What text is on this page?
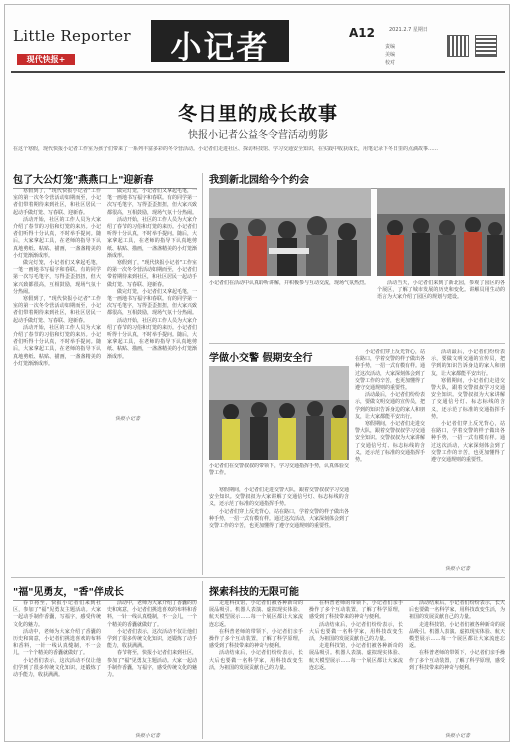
Little Reporter
现代快报+	小记者	A12	2021.2.7 星期日
责编
美编
校对
冬日里的成长故事
快报小记者公益冬令营活动剪影
在这个寒假，现代快报小记者工作室为孩子们带来了一系列丰富多彩的冬令营活动。小记者们走进社区、探访科技馆、学习交通安全知识，在实践中收获成长，用笔记录下冬日里的点滴故事……
包了大公灯笼"燕燕口上"迎新春

寒假到了，"现代快报小记者"工作室的第一次冬令营活动如期而至，小记者们带着期待来到社区，和社区居民一起动手做灯笼、写春联、迎新春。

活动开始，社区的工作人员为大家介绍了春节的习俗和灯笼的来历。小记者们听得十分认真，不时举手提问。随后，大家拿起工具，在老师的指导下认真地剪纸、粘贴、描画，一盏盏精美的小灯笼渐渐成形。

做完灯笼，小记者们又拿起毛笔，一笔一画地书写福字和春联。有的同学第一次写毛笔字，写得歪歪扭扭，但大家兴致都很高，互相鼓励，现场气氛十分热闹。

寒假到了，"现代快报小记者"工作室的第一次冬令营活动如期而至，小记者们带着期待来到社区，和社区居民一起动手做灯笼、写春联、迎新春。

活动开始，社区的工作人员为大家介绍了春节的习俗和灯笼的来历。小记者们听得十分认真，不时举手提问。随后，大家拿起工具，在老师的指导下认真地剪纸、粘贴、描画，一盏盏精美的小灯笼渐渐成形。

做完灯笼，小记者们又拿起毛笔，一笔一画地书写福字和春联。有的同学第一次写毛笔字，写得歪歪扭扭，但大家兴致都很高，互相鼓励，现场气氛十分热闹。

活动开始，社区的工作人员为大家介绍了春节的习俗和灯笼的来历。小记者们听得十分认真，不时举手提问。随后，大家拿起工具，在老师的指导下认真地剪纸、粘贴、描画，一盏盏精美的小灯笼渐渐成形。

寒假到了，"现代快报小记者"工作室的第一次冬令营活动如期而至，小记者们带着期待来到社区，和社区居民一起动手做灯笼、写春联、迎新春。

做完灯笼，小记者们又拿起毛笔，一笔一画地书写福字和春联。有的同学第一次写毛笔字，写得歪歪扭扭，但大家兴致都很高，互相鼓励，现场气氛十分热闹。

活动开始，社区的工作人员为大家介绍了春节的习俗和灯笼的来历。小记者们听得十分认真，不时举手提问。随后，大家拿起工具，在老师的指导下认真地剪纸、粘贴、描画，一盏盏精美的小灯笼渐渐成形。

快报小记者
我到新北园给今个约会
小记者们在活动中认真聆听讲解，并积极参与互动交流，现场气氛热烈。	活动当天，小记者们来到了新北园，参观了园区的各个展区，了解了城市发展的历史和变化。讲解员用生动的语言为大家介绍了园区的规划与建设。

学做小交警 假期安全行
小记者们在交警叔叔的带领下，学习交通指挥手势，认真体验交警工作。

寒假期间，小记者们走进交警大队，跟着交警叔叔学习交通安全知识。交警叔叔为大家讲解了交通信号灯、标志标线的含义，还示范了标准的交通指挥手势。

小记者们穿上反光背心，站在路口，学着交警的样子做出各种手势，一招一式有模有样。通过这次活动，大家深刻体会到了交警工作的辛苦，也更加懂得了遵守交通规则的重要性。

小记者们穿上反光背心，站在路口，学着交警的样子做出各种手势，一招一式有模有样。通过这次活动，大家深刻体会到了交警工作的辛苦，也更加懂得了遵守交通规则的重要性。

活动最后，小记者们纷纷表示，要做文明交通的宣传员，把学到的知识告诉身边的家人和朋友，让大家都能平安出行。

寒假期间，小记者们走进交警大队，跟着交警叔叔学习交通安全知识。交警叔叔为大家讲解了交通信号灯、标志标线的含义，还示范了标准的交通指挥手势。

活动最后，小记者们纷纷表示，要做文明交通的宣传员，把学到的知识告诉身边的家人和朋友，让大家都能平安出行。

寒假期间，小记者们走进交警大队，跟着交警叔叔学习交通安全知识。交警叔叔为大家讲解了交通信号灯、标志标线的含义，还示范了标准的交通指挥手势。

小记者们穿上反光背心，站在路口，学着交警的样子做出各种手势，一招一式有模有样。通过这次活动，大家深刻体会到了交警工作的辛苦，也更加懂得了遵守交通规则的重要性。

快报小记者
"福"见勇友，"香"伴成长

春节将至，快报小记者们来到社区，参加了"福"见勇友主题活动。大家一起动手制作香囊，写福字，感受传统文化的魅力。

活动中，老师为大家介绍了香囊的历史和寓意，小记者们挑选喜欢的布料和香料，一针一线认真缝制，不一会儿，一个个精美的香囊就做好了。

小记者们表示，这次活动不仅让他们学到了很多传统文化知识，还锻炼了动手能力，收获满满。

活动中，老师为大家介绍了香囊的历史和寓意，小记者们挑选喜欢的布料和香料，一针一线认真缝制，不一会儿，一个个精美的香囊就做好了。

小记者们表示，这次活动不仅让他们学到了很多传统文化知识，还锻炼了动手能力，收获满满。

春节将至，快报小记者们来到社区，参加了"福"见勇友主题活动。大家一起动手制作香囊，写福字，感受传统文化的魅力。

快报小记者
探索科技的无限可能

走进科技馆，小记者们被各种新奇的展品吸引。机器人表演、虚拟现实体验、航天模型展示……每一个展区都让大家流连忘返。

在科普老师的带领下，小记者们亲手操作了多个互动装置，了解了科学原理，感受到了科技带来的神奇与便利。

活动结束后，小记者们纷纷表示，长大后也要做一名科学家，用科技改变生活，为祖国的发展贡献自己的力量。

在科普老师的带领下，小记者们亲手操作了多个互动装置，了解了科学原理，感受到了科技带来的神奇与便利。

活动结束后，小记者们纷纷表示，长大后也要做一名科学家，用科技改变生活，为祖国的发展贡献自己的力量。

走进科技馆，小记者们被各种新奇的展品吸引。机器人表演、虚拟现实体验、航天模型展示……每一个展区都让大家流连忘返。

活动结束后，小记者们纷纷表示，长大后也要做一名科学家，用科技改变生活，为祖国的发展贡献自己的力量。

走进科技馆，小记者们被各种新奇的展品吸引。机器人表演、虚拟现实体验、航天模型展示……每一个展区都让大家流连忘返。

在科普老师的带领下，小记者们亲手操作了多个互动装置，了解了科学原理，感受到了科技带来的神奇与便利。

快报小记者
